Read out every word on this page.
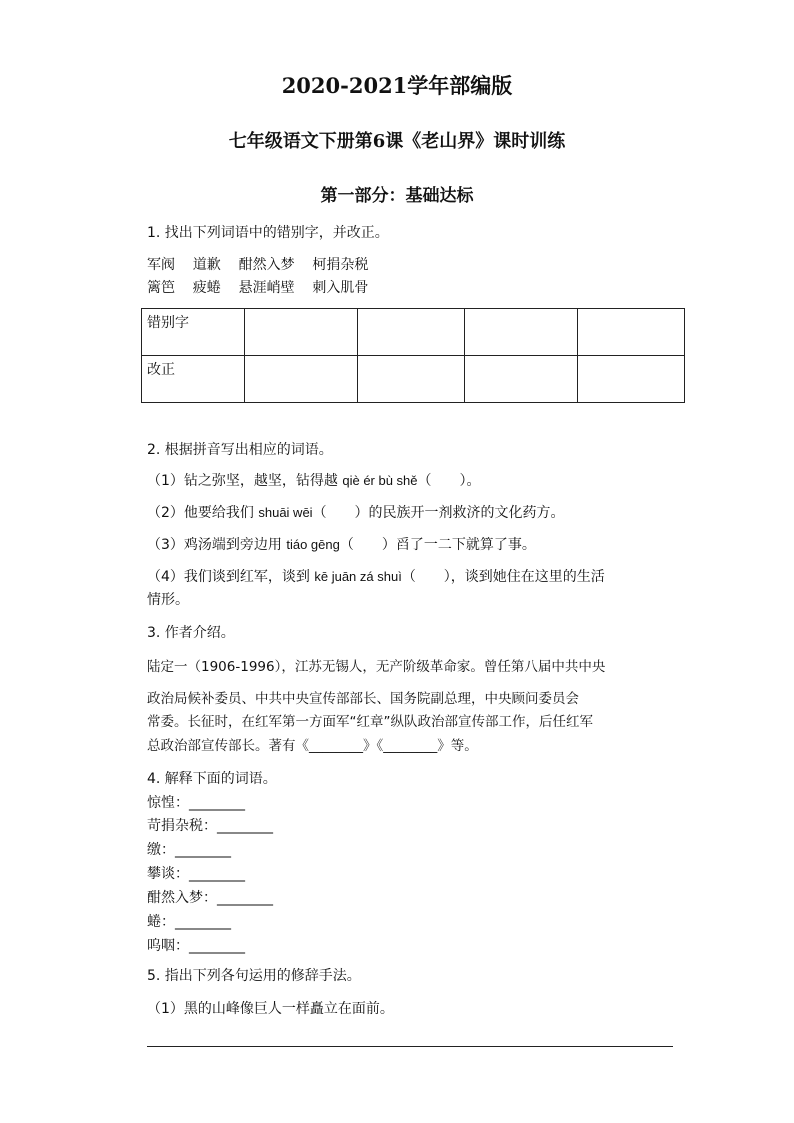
2020-2021学年部编版
七年级语文下册第6课《老山界》课时训练
第一部分：基础达标
1. 找出下列词语中的错别字，并改正。
军阀    道歉    酣然入梦    柯捐杂税
篱笆    疲蜷    悬涯峭壁    刺入肌骨
错别字				
改正				
2. 根据拼音写出相应的词语。
（1）钻之弥坚，越坚，钻得越 qiè ér bù shě（　　）。
（2）他要给我们 shuāi wēi（　　）的民族开一剂救济的文化药方。
（3）鸡汤端到旁边用 tiáo gēng（　　）舀了一二下就算了事。
（4）我们谈到红军，谈到 kē juān zá shuì（　　），谈到她住在这里的生活
情形。
3. 作者介绍。
陆定一（1906-1996），江苏无锡人，无产阶级革命家。曾任第八届中共中央
政治局候补委员、中共中央宣传部部长、国务院副总理，中央顾问委员会
常委。长征时，在红军第一方面军“红章”纵队政治部宣传部工作，后任红军
总政治部宣传部长。著有《________》《________》等。
4. 解释下面的词语。
惊惶：________
苛捐杂税：________
缴：________
攀谈：________
酣然入梦：________
蜷：________
呜咽：________
5. 指出下列各句运用的修辞手法。
（1）黑的山峰像巨人一样矗立在面前。
